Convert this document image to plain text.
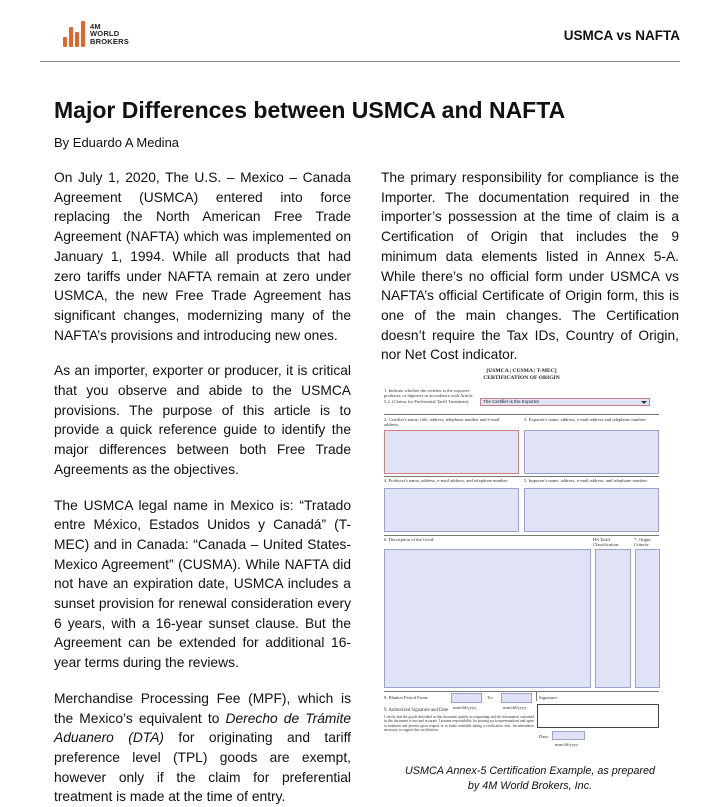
4M
WORLD
BROKERS	USMCA vs NAFTA
Major Differences between USMCA and NAFTA
By Eduardo A Medina

On July 1, 2020, The U.S. – Mexico – Canada Agreement (USMCA) entered into force replacing the North American Free Trade Agreement (NAFTA) which was implemented on January 1, 1994. While all products that had zero tariffs under NAFTA remain at zero under USMCA, the new Free Trade Agreement has significant changes, modernizing many of the NAFTA’s provisions and introducing new ones.

As an importer, exporter or producer, it is critical that you observe and abide to the USMCA provisions. The purpose of this article is to provide a quick reference guide to identify the major differences between both Free Trade Agreements as the objectives.

The USMCA legal name in Mexico is: “Tratado entre México, Estados Unidos y Canadá” (T-MEC) and in Canada: “Canada – United States-Mexico Agreement” (CUSMA). While NAFTA did not have an expiration date, USMCA includes a sunset provision for renewal consideration every 6 years, with a 16-year sunset clause. But the Agreement can be extended for additional 16-year terms during the reviews.

Merchandise Processing Fee (MPF), which is the Mexico’s equivalent to Derecho de Trámite Aduanero (DTA) for originating and tariff preference level (TPL) goods are exempt, however only if the claim for preferential treatment is made at the time of entry.

The primary responsibility for compliance is the Importer. The documentation required in the importer’s possession at the time of claim is a Certification of Origin that includes the 9 minimum data elements listed in Annex 5-A. While there’s no official form under USMCA vs NAFTA’s official Certificate of Origin form, this is one of the main changes. The Certification doesn’t require the Tax IDs, Country of Origin, nor Net Cost indicator.

[USMCA | CUSMA | T-MEC]
CERTIFICATION OF ORIGIN
1. Indicate whether the certifier is the exporter, producer, or importer in accordance with Article 5.2. (Claims for Preferential Tariff Treatment).	The Certifier is the Exporter
2. Certifier's name, title, address, telephone number and e-mail address:
3. Exporter's name, address, e-mail address and telephone number:
4. Producer's name, address, e-mail address, and telephone number:	5. Importer's name, address, e-mail address, and telephone number:
6. Description of the Good:	HS Tariff Classification:
7. Origin Criteria:
8. Blanket Period From:
mm/dd/yyyy
To:
mm/dd/yyyy
Signature:
9. Authorized Signature and Date
I certify that the goods described in this document qualify as originating and the information contained in this document is true and accurate. I assume responsibility for proving such representations and agree to maintain and present upon request or to make available during a verification visit, documentation necessary to support this certification.
Date:
mm/dd/yyyy
USMCA Annex-5 Certification Example, as prepared
by 4M World Brokers, Inc.
